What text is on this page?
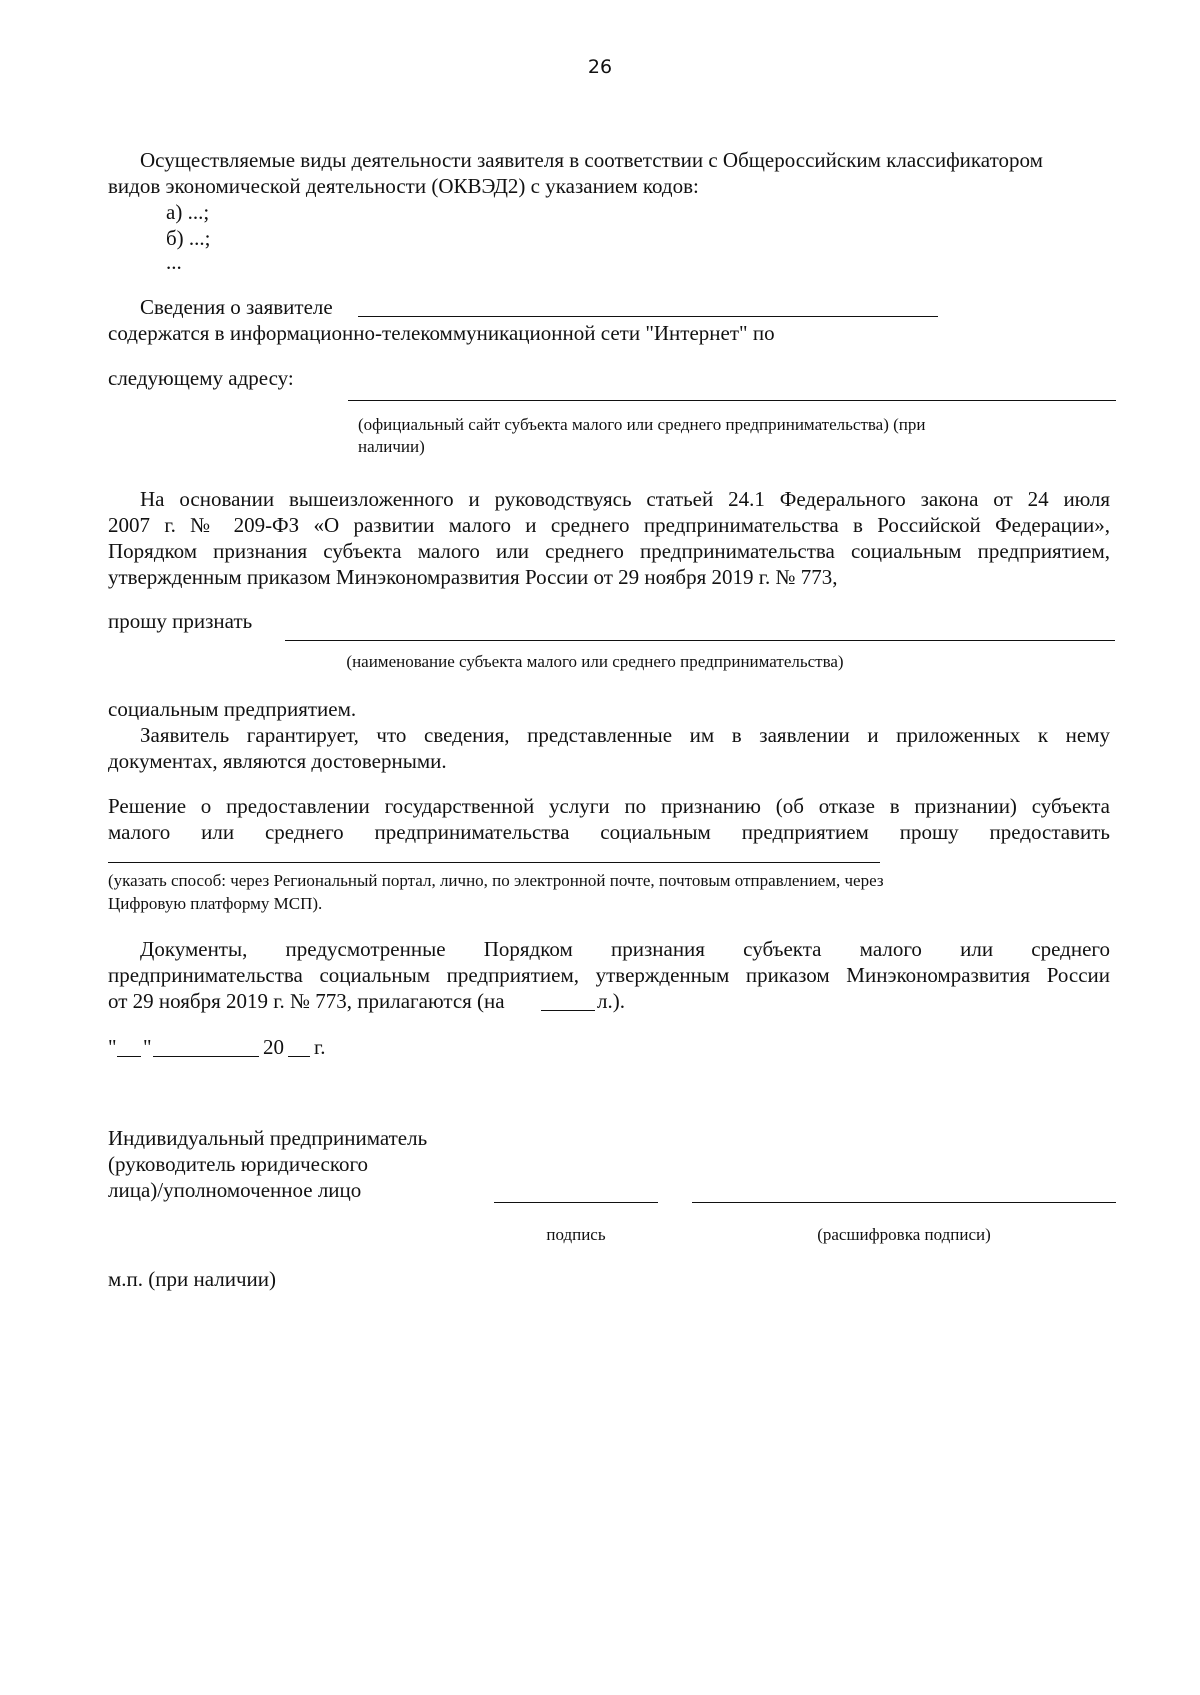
26
Осуществляемые виды деятельности заявителя в соответствии с Общероссийским классификатором
видов экономической деятельности (ОКВЭД2) с указанием кодов:
а) ...;
б) ...;
...
Сведения о заявителе
содержатся в информационно-телекоммуникационной сети "Интернет" по
следующему адресу:
(официальный сайт субъекта малого или среднего предпринимательства) (при
наличии)
На основании вышеизложенного и руководствуясь статьей 24.1 Федерального закона от 24 июля
2007 г. № 209-ФЗ «О развитии малого и среднего предпринимательства в Российской Федерации»,
Порядком признания субъекта малого или среднего предпринимательства социальным предприятием,
утвержденным приказом Минэкономразвития России от 29 ноября 2019 г. № 773,
прошу признать
(наименование субъекта малого или среднего предпринимательства)
социальным предприятием.
Заявитель гарантирует, что сведения, представленные им в заявлении и приложенных к нему
документах, являются достоверными.
Решение о предоставлении государственной услуги по признанию (об отказе в признании) субъекта
малого или среднего предпринимательства социальным предприятием прошу предоставить
(указать способ: через Региональный портал, лично, по электронной почте, почтовым отправлением, через
Цифровую платформу МСП).
Документы, предусмотренные Порядком признания субъекта малого или среднего
предпринимательства социальным предприятием, утвержденным приказом Минэкономразвития России
от 29 ноября 2019 г. № 773, прилагаются (на	л.).
" "	20 г.
Индивидуальный предприниматель
(руководитель юридического
лица)/уполномоченное лицо
подпись	(расшифровка подписи)
м.п. (при наличии)
